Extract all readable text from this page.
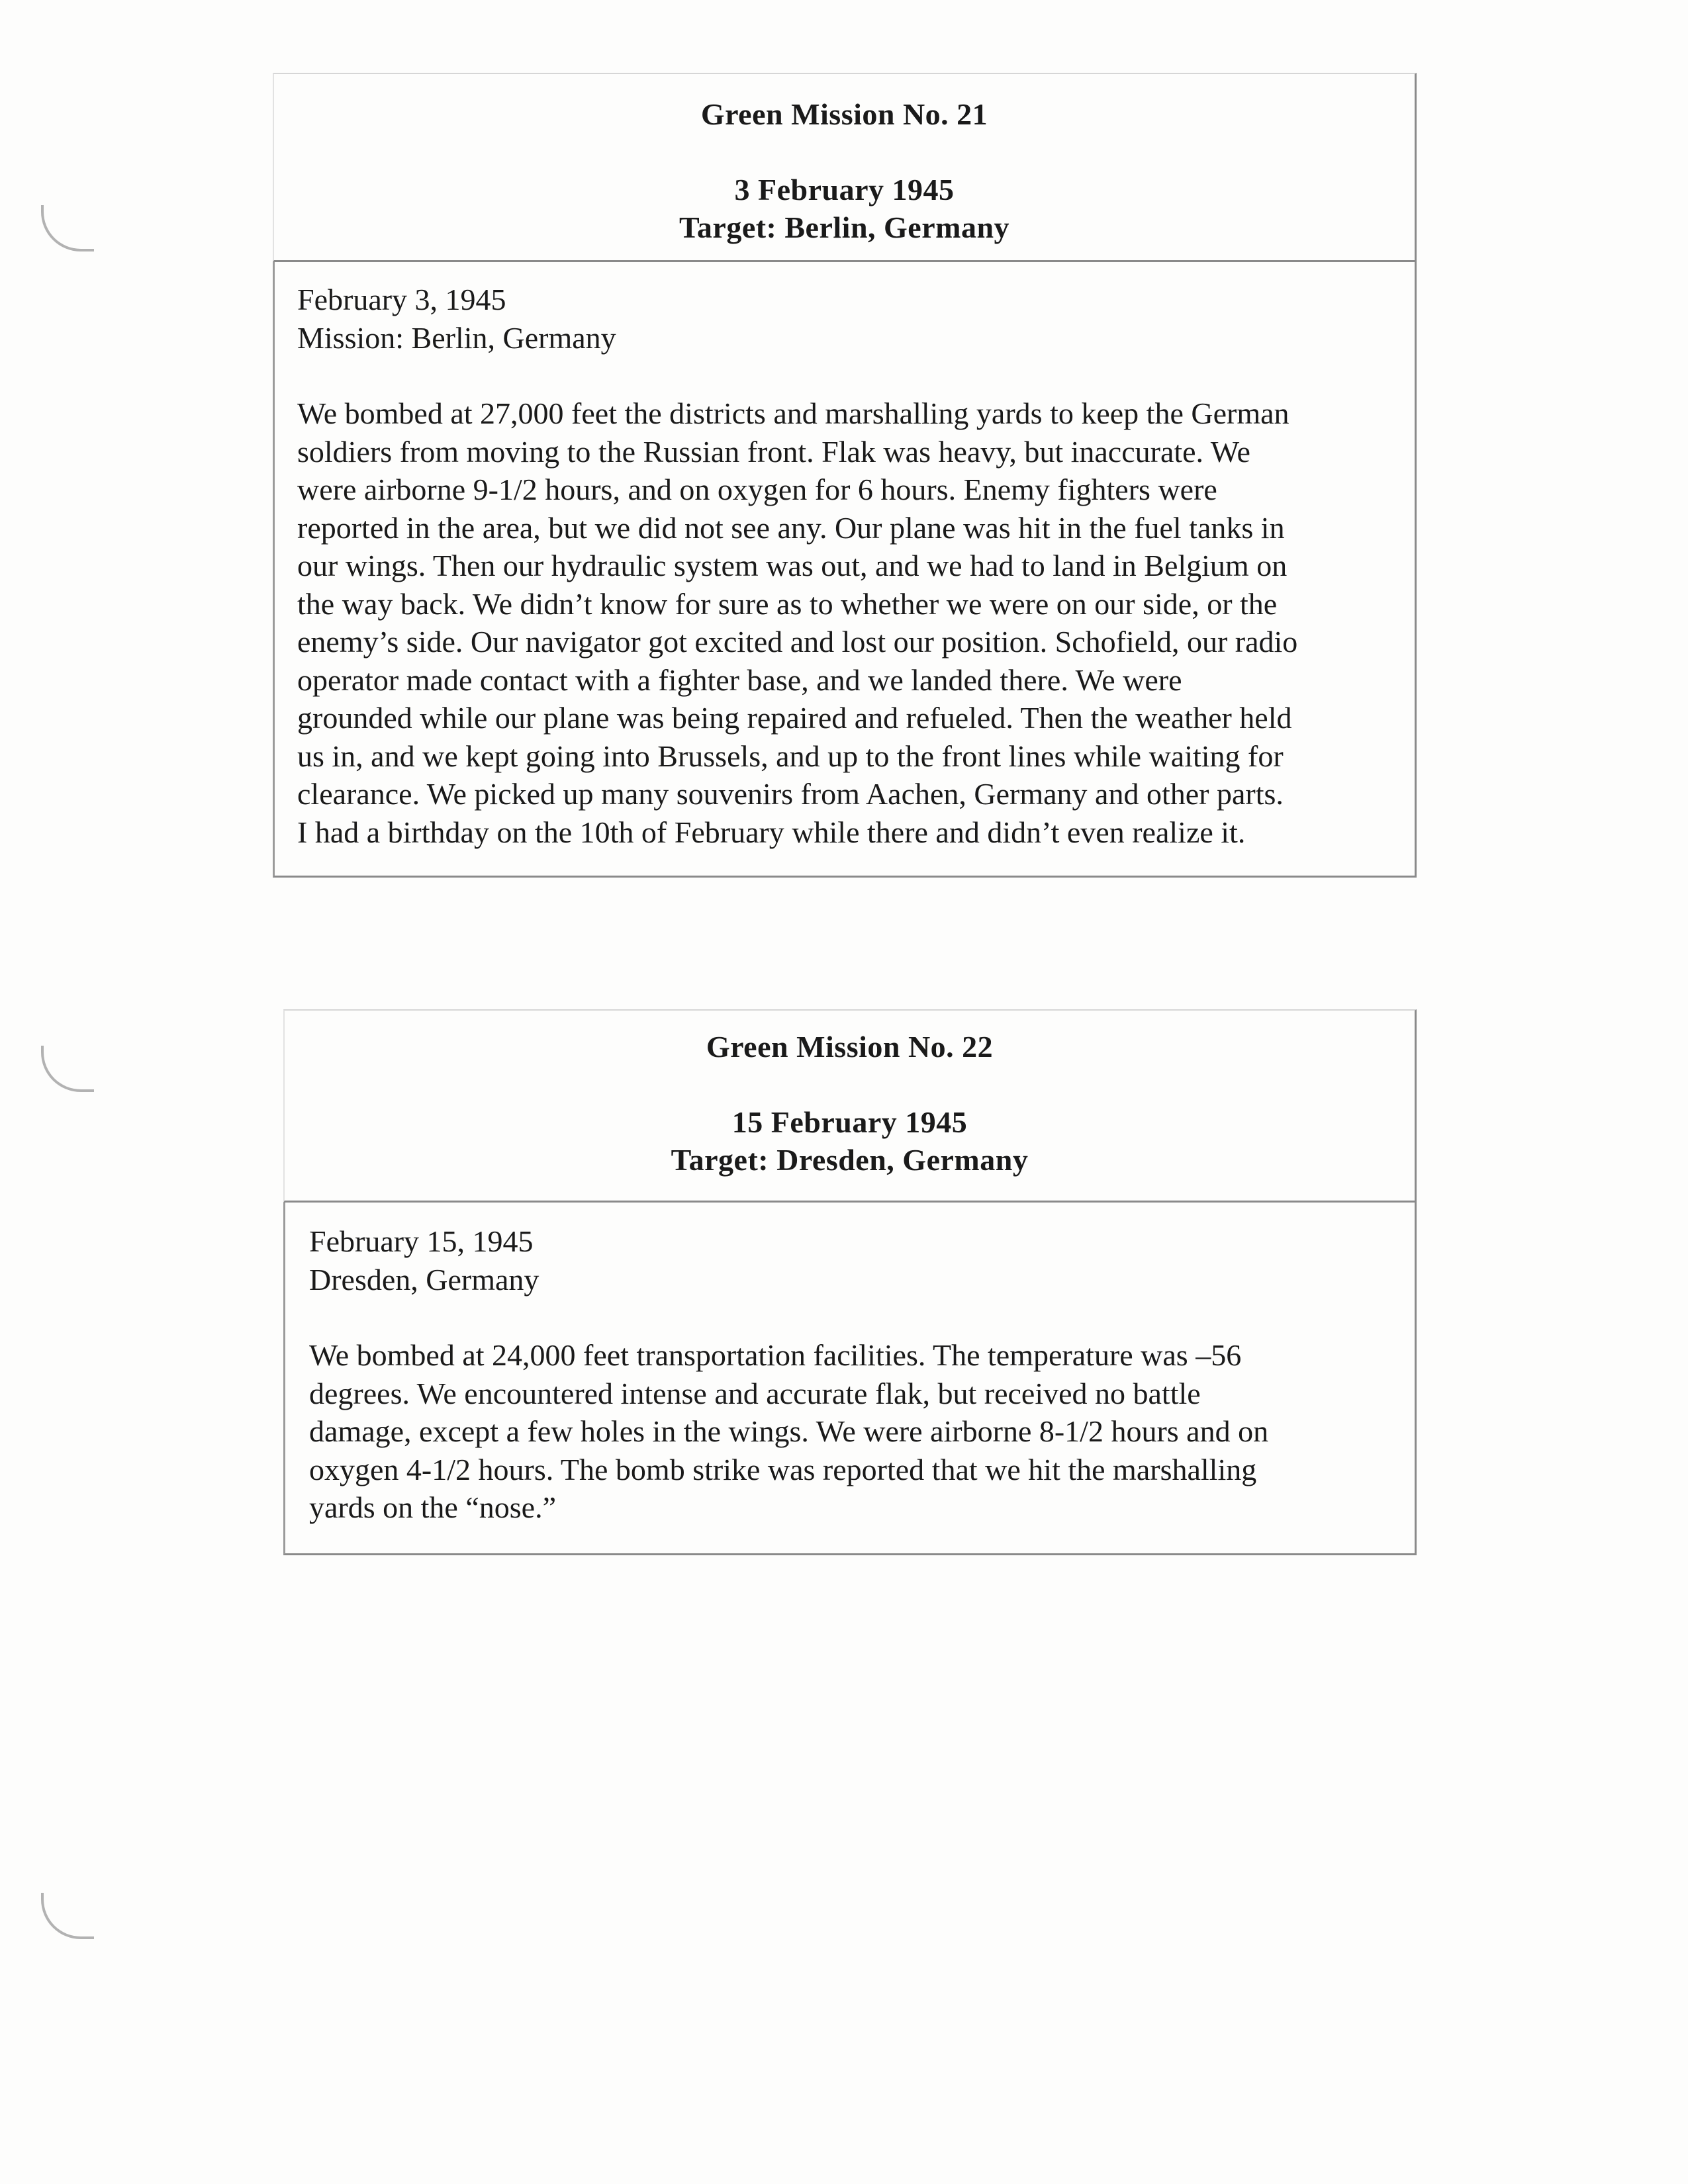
Green Mission No. 21
3 February 1945
Target: Berlin, Germany
February 3, 1945
Mission: Berlin, Germany
We bombed at 27,000 feet the districts and marshalling yards to keep the German
soldiers from moving to the Russian front. Flak was heavy, but inaccurate. We
were airborne 9-1/2 hours, and on oxygen for 6 hours. Enemy fighters were
reported in the area, but we did not see any. Our plane was hit in the fuel tanks in
our wings. Then our hydraulic system was out, and we had to land in Belgium on
the way back. We didn’t know for sure as to whether we were on our side, or the
enemy’s side. Our navigator got excited and lost our position. Schofield, our radio
operator made contact with a fighter base, and we landed there. We were
grounded while our plane was being repaired and refueled. Then the weather held
us in, and we kept going into Brussels, and up to the front lines while waiting for
clearance. We picked up many souvenirs from Aachen, Germany and other parts.
I had a birthday on the 10th of February while there and didn’t even realize it.
Green Mission No. 22
15 February 1945
Target: Dresden, Germany
February 15, 1945
Dresden, Germany
We bombed at 24,000 feet transportation facilities. The temperature was –56
degrees. We encountered intense and accurate flak, but received no battle
damage, except a few holes in the wings. We were airborne 8-1/2 hours and on
oxygen 4-1/2 hours. The bomb strike was reported that we hit the marshalling
yards on the “nose.”
